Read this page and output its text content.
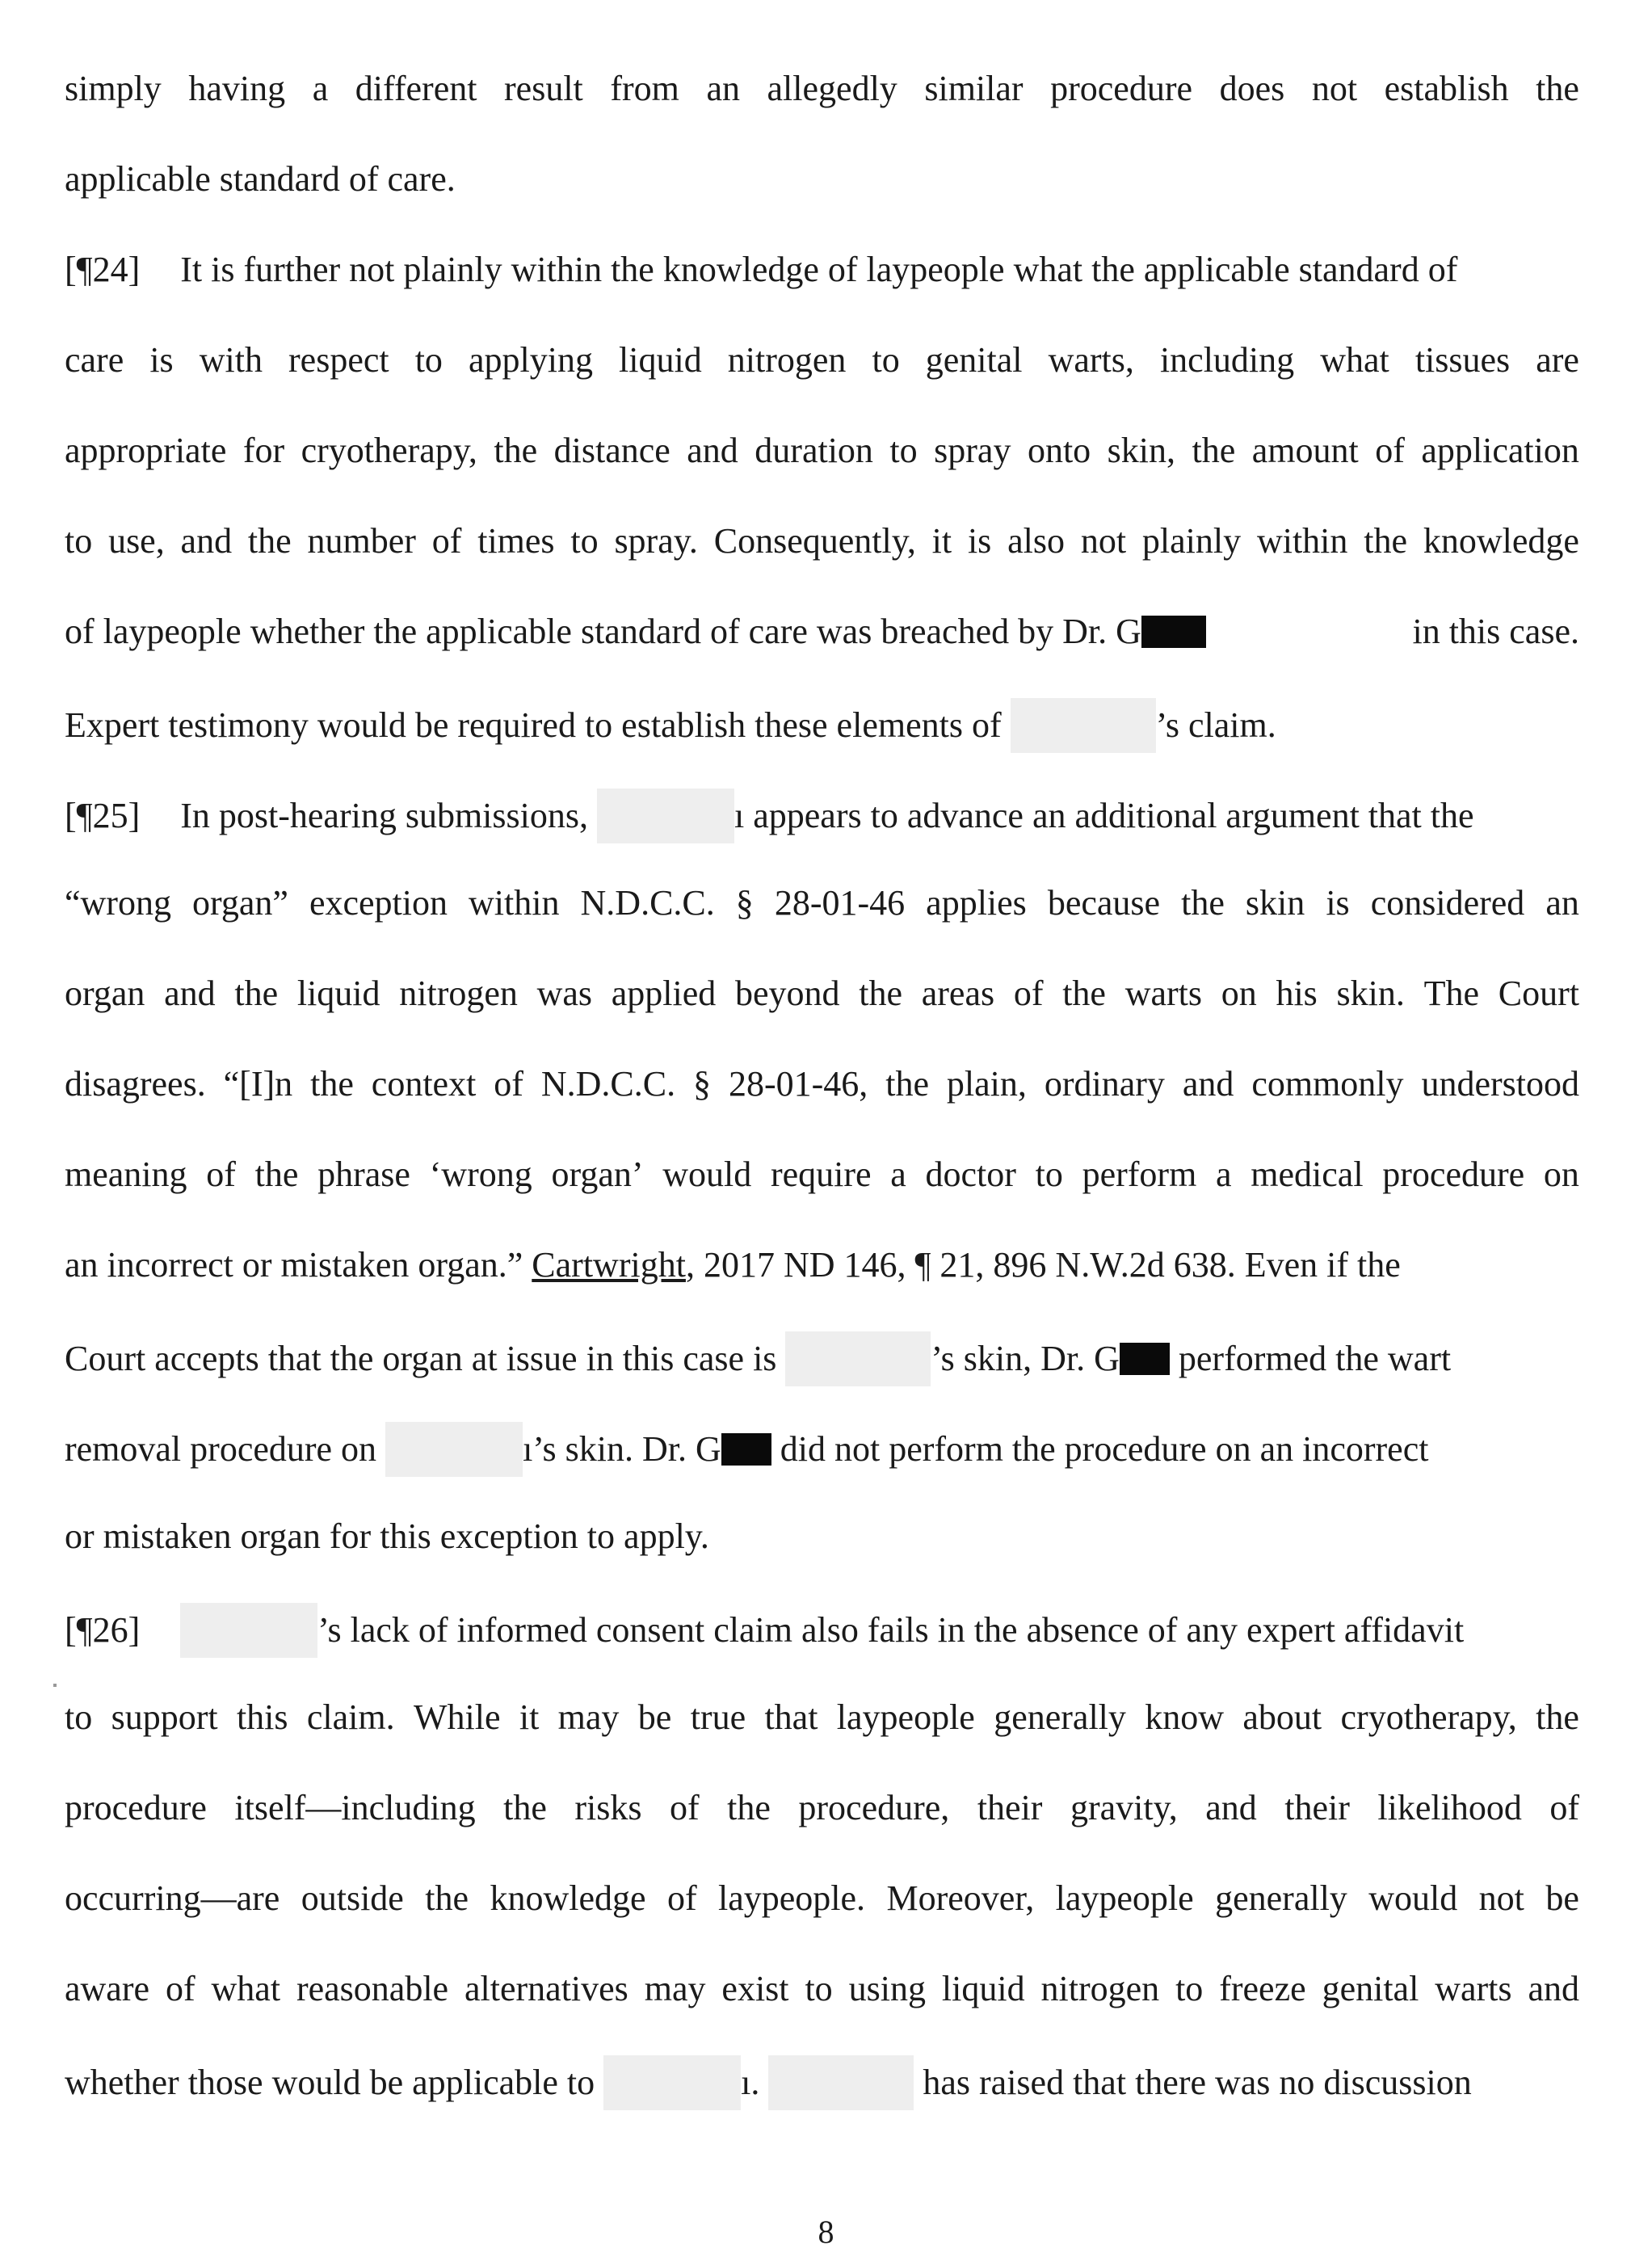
simply having a different result from an allegedly similar procedure does not establish the
applicable standard of care.
[¶24] It is further not plainly within the knowledge of laypeople what the applicable standard of
care is with respect to applying liquid nitrogen to genital warts, including what tissues are
appropriate for cryotherapy, the distance and duration to spray onto skin, the amount of application
to use, and the number of times to spray. Consequently, it is also not plainly within the knowledge
of laypeople whether the applicable standard of care was breached by Dr. G	in this case.
Expert testimony would be required to establish these elements of	’s claim.
[¶25] In post-hearing submissions,	ı appears to advance an additional argument that the
“wrong organ” exception within N.D.C.C. § 28-01-46 applies because the skin is considered an
organ and the liquid nitrogen was applied beyond the areas of the warts on his skin. The Court
disagrees. “[I]n the context of N.D.C.C. § 28-01-46, the plain, ordinary and commonly understood
meaning of the phrase ‘wrong organ’ would require a doctor to perform a medical procedure on
an incorrect or mistaken organ.” Cartwright, 2017 ND 146, ¶ 21, 896 N.W.2d 638. Even if the
Court accepts that the organ at issue in this case is	’s skin, Dr. G performed the wart
removal procedure on	ı’s skin. Dr. G did not perform the procedure on an incorrect
or mistaken organ for this exception to apply.
[¶26]	’s lack of informed consent claim also fails in the absence of any expert affidavit
to support this claim. While it may be true that laypeople generally know about cryotherapy, the
procedure itself—including the risks of the procedure, their gravity, and their likelihood of
occurring—are outside the knowledge of laypeople. Moreover, laypeople generally would not be
aware of what reasonable alternatives may exist to using liquid nitrogen to freeze genital warts and
whether those would be applicable to	ı.	has raised that there was no discussion
8
